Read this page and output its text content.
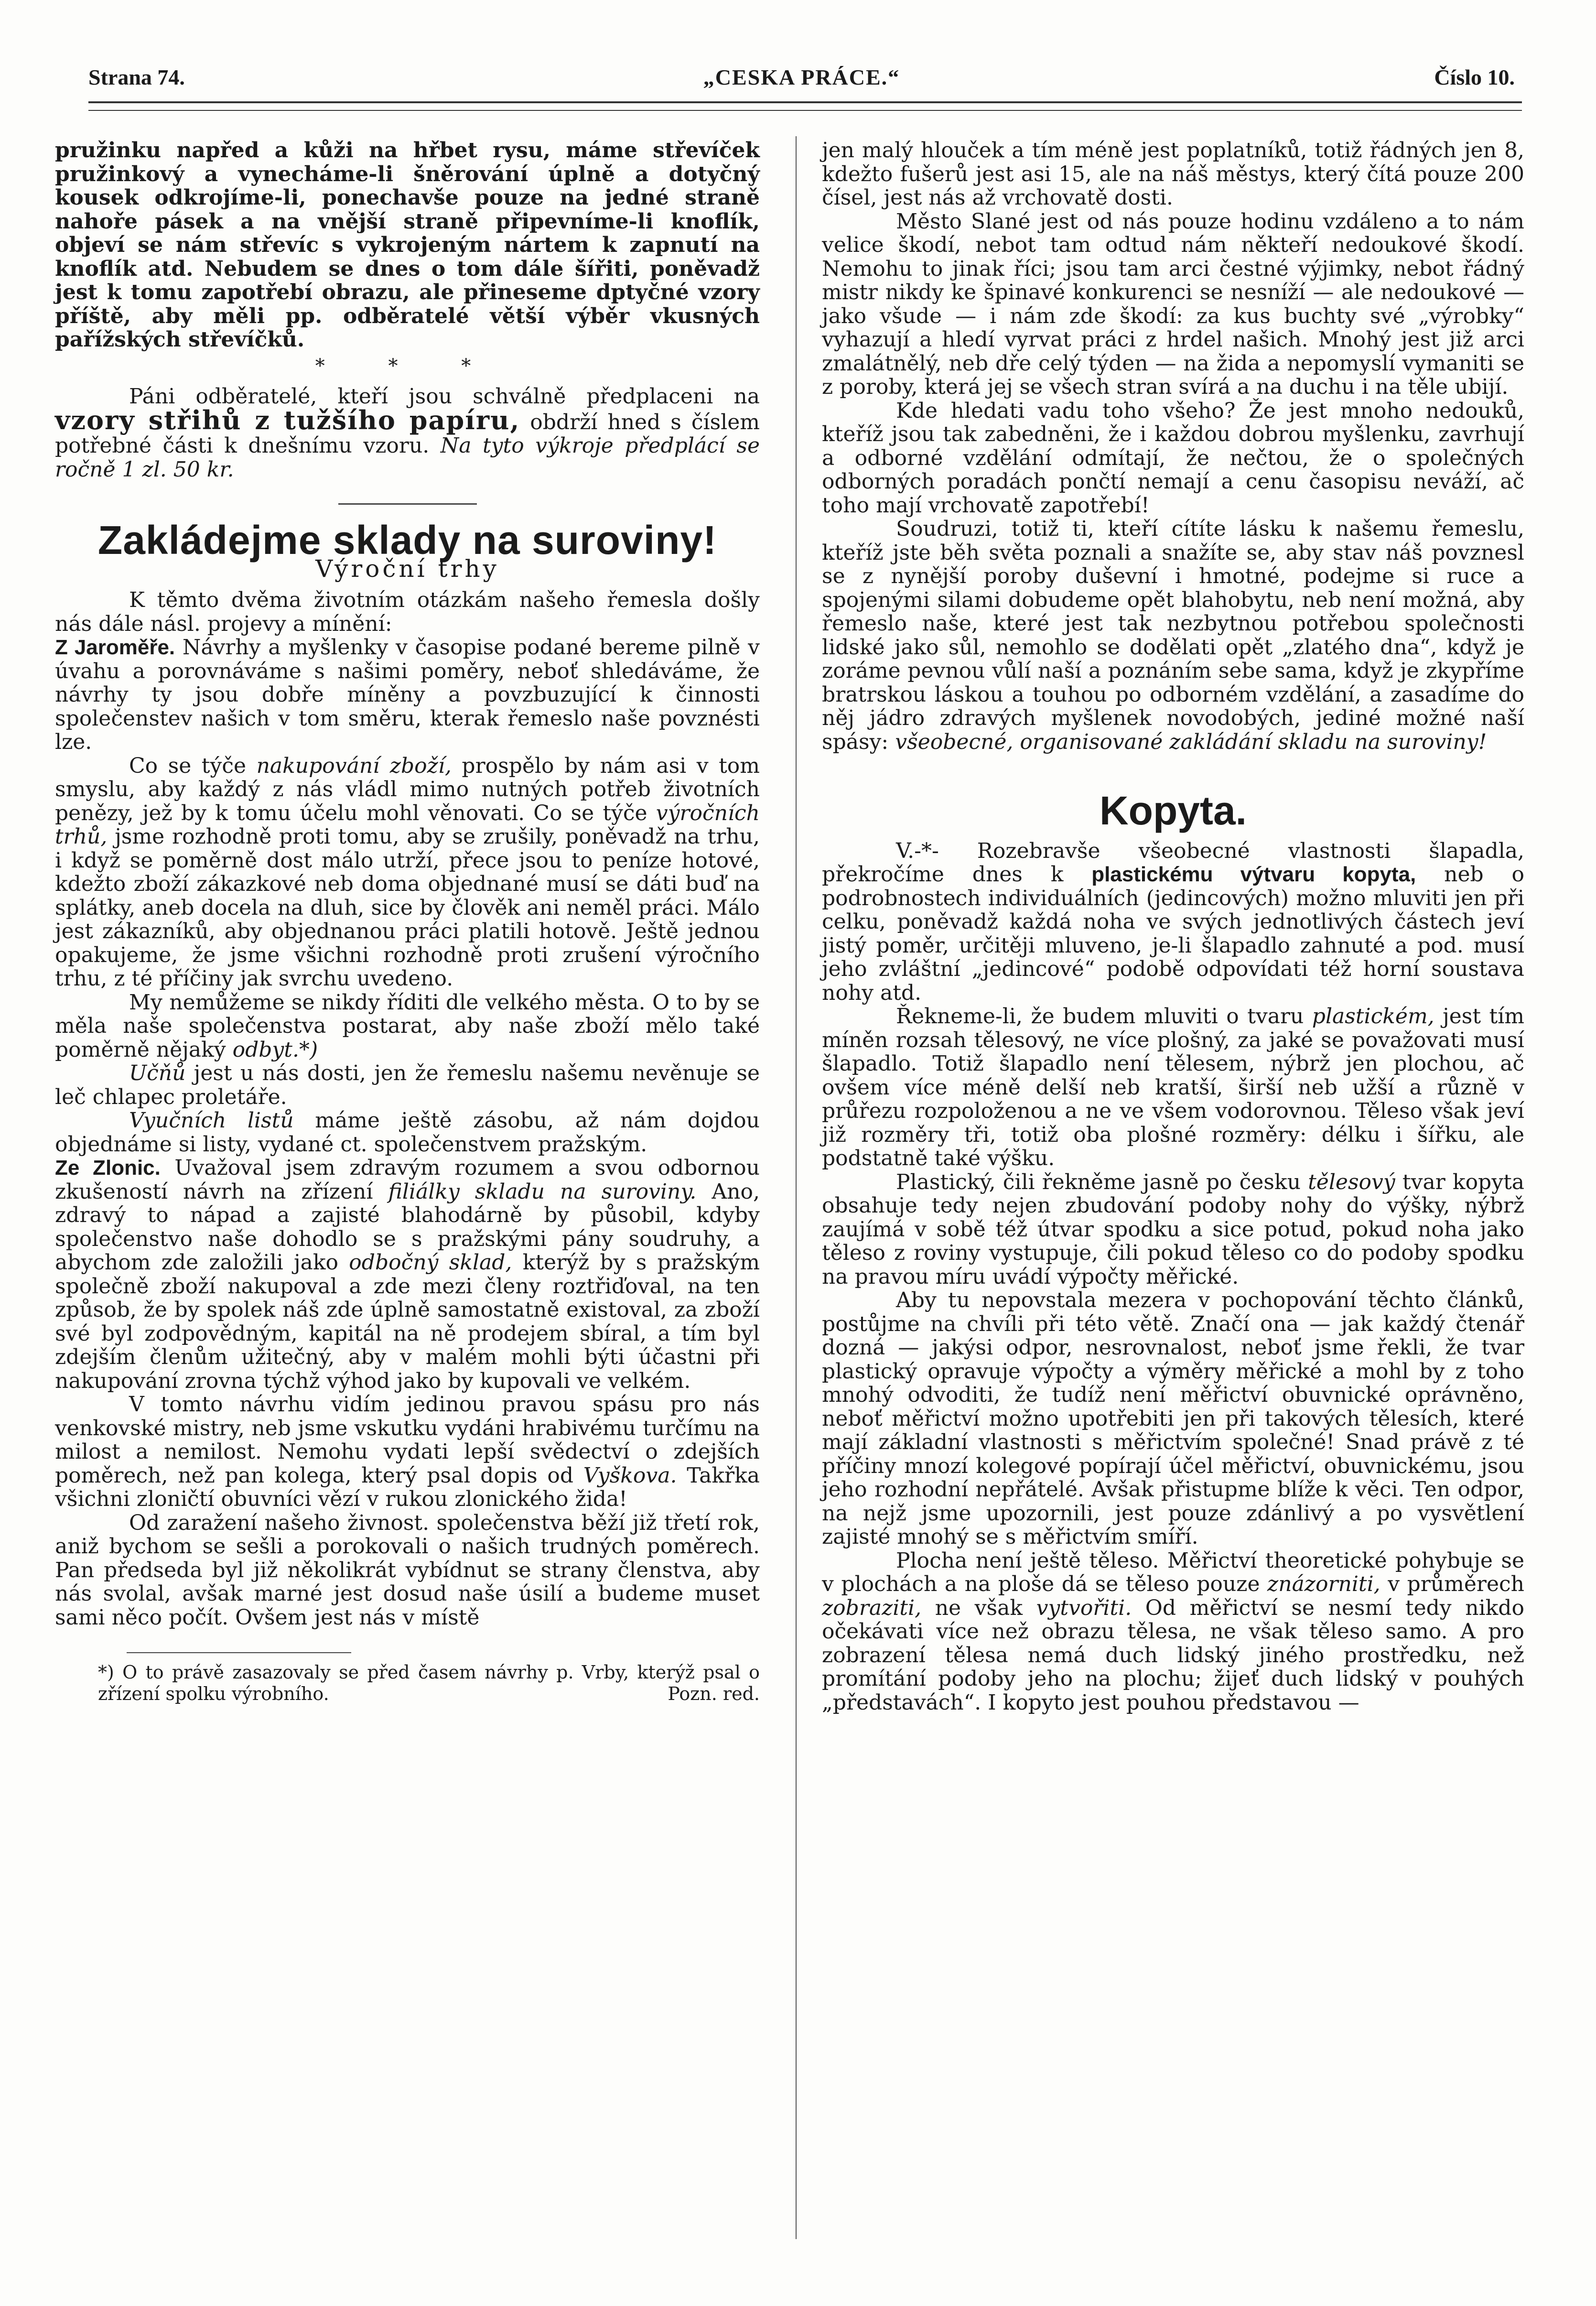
Strana 74.	„CESKA PRÁCE.“	Číslo 10.

pružinku napřed a kůži na hřbet rysu, máme střevíček pružinkový a vynecháme-li šněrování úplně a dotyčný kousek odkrojíme-li, ponechavše pouze na jedné straně nahoře pásek a na vnější straně připevníme-li knoflík, objeví se nám střevíc s vykrojeným nártem k zapnutí na knoflík atd. Nebudem se dnes o tom dále šířiti, poněvadž jest k tomu zapotřebí obrazu, ale přineseme dptyčné vzory příště, aby měli pp. odběratelé větší výběr vkusných pařížských střevíčků.

* * *

Páni odběratelé, kteří jsou schválně předplaceni na vzory střihů z tužšího papíru, obdrží hned s číslem potřebné části k dnešnímu vzoru. Na tyto výkroje předplácí se ročně 1 zl. 50 kr.

Zakládejme sklady na suroviny!
Výroční trhy

K těmto dvěma životním otázkám našeho řemesla došly nás dále násl. projevy a mínění:

Z Jaroměře. Návrhy a myšlenky v časopise podané bereme pilně v úvahu a porovnáváme s našimi poměry, neboť shledáváme, že návrhy ty jsou dobře míněny a povzbuzující k činnosti společenstev našich v tom směru, kterak řemeslo naše povznésti lze.

Co se týče nakupování zboží, prospělo by nám asi v tom smyslu, aby každý z nás vládl mimo nutných potřeb životních penězy, jež by k tomu účelu mohl věnovati. Co se týče výročních trhů, jsme rozhodně proti tomu, aby se zrušily, poněvadž na trhu, i když se poměrně dost málo utrží, přece jsou to peníze hotové, kdežto zboží zákazkové neb doma objednané musí se dáti buď na splátky, aneb docela na dluh, sice by člověk ani neměl práci. Málo jest zákazníků, aby objednanou práci platili hotově. Ještě jednou opakujeme, že jsme všichni rozhodně proti zrušení výročního trhu, z té příčiny jak svrchu uvedeno.

My nemůžeme se nikdy říditi dle velkého města. O to by se měla naše společenstva postarat, aby naše zboží mělo také poměrně nějaký odbyt.*)

Učňů jest u nás dosti, jen že řemeslu našemu nevěnuje se leč chlapec proletáře.

Vyučních listů máme ještě zásobu, až nám dojdou objednáme si listy, vydané ct. společenstvem pražským.

Ze Zlonic. Uvažoval jsem zdravým rozumem a svou odbornou zkušeností návrh na zřízení filiálky skladu na suroviny. Ano, zdravý to nápad a zajisté blahodárně by působil, kdyby společenstvo naše dohodlo se s pražskými pány soudruhy, a abychom zde založili jako odbočný sklad, kterýž by s pražským společně zboží nakupoval a zde mezi členy roztřiďoval, na ten způsob, že by spolek náš zde úplně samostatně existoval, za zboží své byl zodpovědným, kapitál na ně prodejem sbíral, a tím byl zdejším členům užitečný, aby v malém mohli býti účastni při nakupování zrovna týchž výhod jako by kupovali ve velkém.

V tomto návrhu vidím jedinou pravou spásu pro nás venkovské mistry, neb jsme vskutku vydáni hrabivému turčímu na milost a nemilost. Nemohu vydati lepší svědectví o zdejších poměrech, než pan kolega, který psal dopis od Vyškova. Takřka všichni zloničtí obuvníci vězí v rukou zlonického žida!

Od zaražení našeho živnost. společenstva běží již třetí rok, aniž bychom se sešli a porokovali o našich trudných poměrech. Pan předseda byl již několikrát vybídnut se strany členstva, aby nás svolal, avšak marné jest dosud naše úsilí a budeme muset sami něco počít. Ovšem jest nás v místě

*) O to právě zasazovaly se před časem návrhy p. Vrby, kterýž psal o zřízení spolku výrobního.	Pozn. red.

jen malý hlouček a tím méně jest poplatníků, totiž řádných jen 8, kdežto fušerů jest asi 15, ale na náš městys, který čítá pouze 200 čísel, jest nás až vrchovatě dosti.

Město Slané jest od nás pouze hodinu vzdáleno a to nám velice škodí, nebot tam odtud nám někteří nedoukové škodí. Nemohu to jinak říci; jsou tam arci čestné výjimky, nebot řádný mistr nikdy ke špinavé konkurenci se nesníží — ale nedoukové — jako všude — i nám zde škodí: za kus buchty své „výrobky“ vyhazují a hledí vyrvat práci z hrdel našich. Mnohý jest již arci zmalátnělý, neb dře celý týden — na žida a nepomyslí vymaniti se z poroby, která jej se všech stran svírá a na duchu i na těle ubijí.

Kde hledati vadu toho všeho? Že jest mnoho nedouků, kteříž jsou tak zabedněni, že i každou dobrou myšlenku, zavrhují a odborné vzdělání odmítají, že nečtou, že o společných odborných poradách pončtí nemají a cenu časopisu neváží, ač toho mají vrchovatě zapotřebí!

Soudruzi, totiž ti, kteří cítíte lásku k našemu řemeslu, kteříž jste běh světa poznali a snažíte se, aby stav náš povznesl se z nynější poroby duševní i hmotné, podejme si ruce a spojenými silami dobudeme opět blahobytu, neb není možná, aby řemeslo naše, které jest tak nezbytnou potřebou společnosti lidské jako sůl, nemohlo se dodělati opět „zlatého dna“, když je zoráme pevnou vůlí naší a poznáním sebe sama, když je zkypříme bratrskou láskou a touhou po odborném vzdělání, a zasadíme do něj jádro zdravých myšlenek novodobých, jediné možné naší spásy: všeobecné, organisované zakládání skladu na suroviny!

Kopyta.

V.-*- Rozebravše všeobecné vlastnosti šlapadla, překročíme dnes k plastickému výtvaru kopyta, neb o podrobnostech individuálních (jedincových) možno mluviti jen při celku, poněvadž každá noha ve svých jednotlivých částech jeví jistý poměr, určitěji mluveno, je-li šlapadlo zahnuté a pod. musí jeho zvláštní „jedincové“ podobě odpovídati též horní soustava nohy atd.

Řekneme-li, že budem mluviti o tvaru plastickém, jest tím míněn rozsah tělesový, ne více plošný, za jaké se považovati musí šlapadlo. Totiž šlapadlo není tělesem, nýbrž jen plochou, ač ovšem více méně delší neb kratší, širší neb užší a různě v průřezu rozpoloženou a ne ve všem vodorovnou. Těleso však jeví již rozměry tři, totiž oba plošné rozměry: délku i šířku, ale podstatně také výšku.

Plastický, čili řekněme jasně po česku tělesový tvar kopyta obsahuje tedy nejen zbudování podoby nohy do výšky, nýbrž zaujímá v sobě též útvar spodku a sice potud, pokud noha jako těleso z roviny vystupuje, čili pokud těleso co do podoby spodku na pravou míru uvádí výpočty měřické.

Aby tu nepovstala mezera v pochopování těchto článků, postůjme na chvíli při této větě. Značí ona — jak každý čtenář dozná — jakýsi odpor, nesrovnalost, neboť jsme řekli, že tvar plastický opravuje výpočty a výměry měřické a mohl by z toho mnohý odvoditi, že tudíž není měřictví obuvnické oprávněno, neboť měřictví možno upotřebiti jen při takových tělesích, které mají základní vlastnosti s měřictvím společné! Snad právě z té příčiny mnozí kolegové popírají účel měřictví, obuvnickému, jsou jeho rozhodní nepřátelé. Avšak přistupme blíže k věci. Ten odpor, na nejž jsme upozornili, jest pouze zdánlivý a po vysvětlení zajisté mnohý se s měřictvím smíří.

Plocha není ještě těleso. Měřictví theoretické pohybuje se v plochách a na ploše dá se těleso pouze znázorniti, v průměrech zobraziti, ne však vytvořiti. Od měřictví se nesmí tedy nikdo očekávati více než obrazu tělesa, ne však těleso samo. A pro zobrazení tělesa nemá duch lidský jiného prostředku, než promítání podoby jeho na plochu; žijeť duch lidský v pouhých „představách“. I kopyto jest pouhou představou —
